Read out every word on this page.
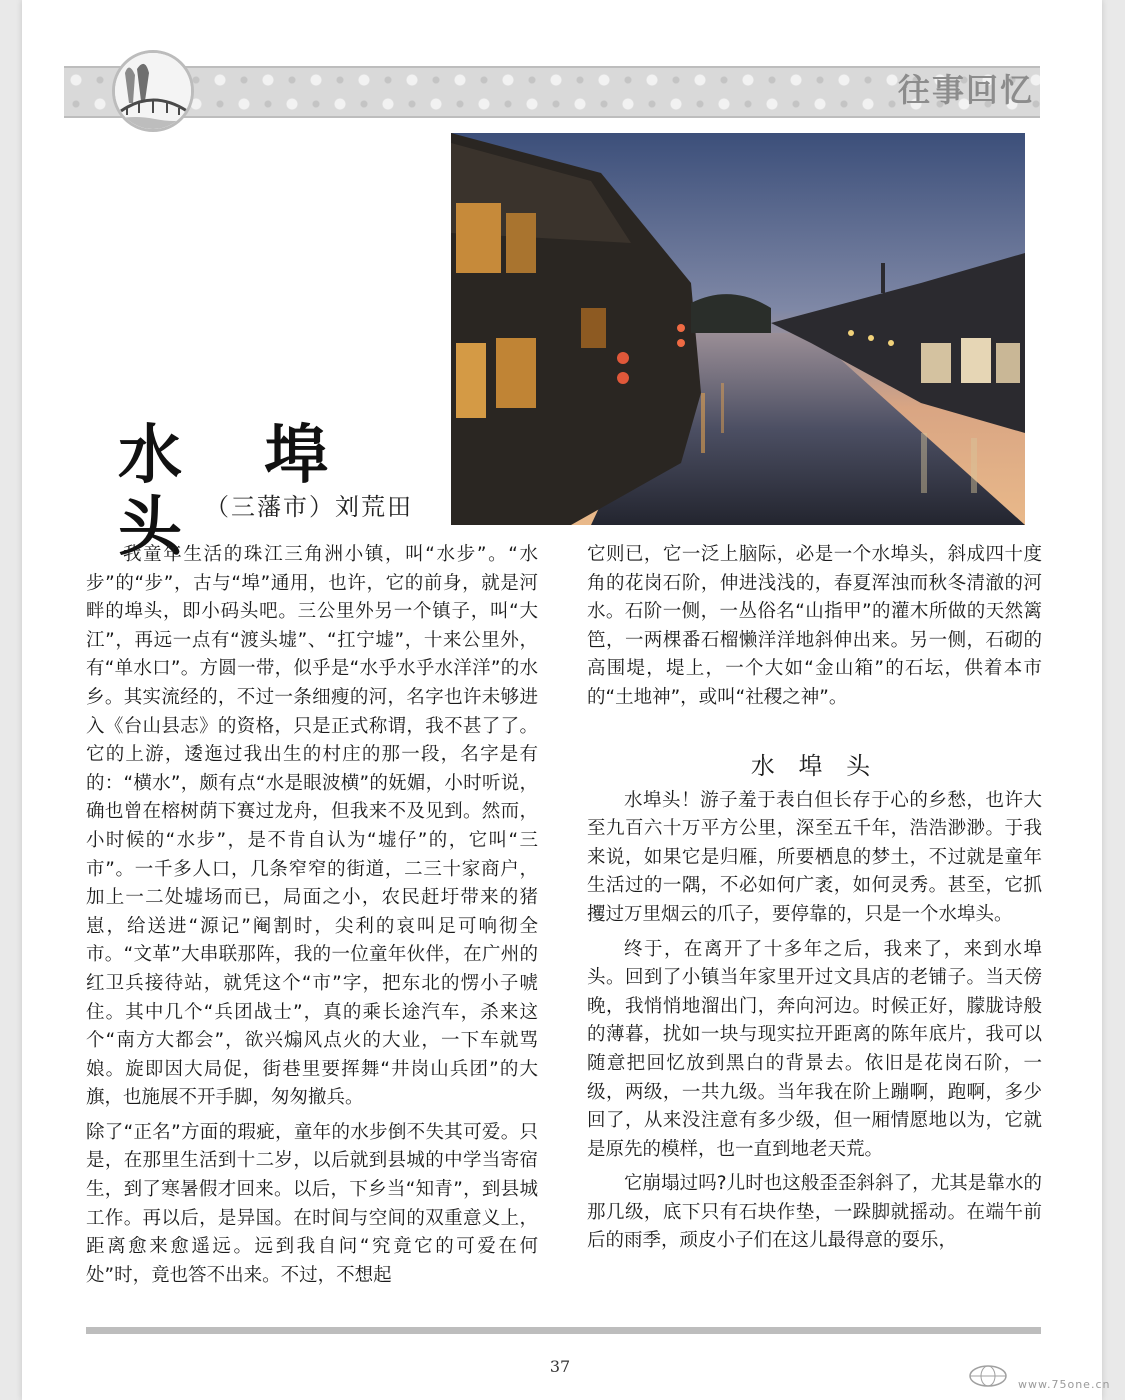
往事回忆
水 埠 头
（三藩市）刘荒田

我童年生活的珠江三角洲小镇，叫“水步”。“水步”的“步”，古与“埠”通用，也许，它的前身，就是河畔的埠头，即小码头吧。三公里外另一个镇子，叫“大江”，再远一点有“渡头墟”、“扛宁墟”，十来公里外，有“单水口”。方圆一带，似乎是“水乎水乎水洋洋”的水乡。其实流经的，不过一条细瘦的河，名字也许未够进入《台山县志》的资格，只是正式称谓，我不甚了了。它的上游，逶迤过我出生的村庄的那一段，名字是有的：“横水”，颇有点“水是眼波横”的妩媚，小时听说，确也曾在榕树荫下赛过龙舟，但我来不及见到。然而，小时候的“水步”，是不肯自认为“墟仔”的，它叫“三市”。一千多人口，几条窄窄的街道，二三十家商户，加上一二处墟场而已，局面之小，农民赶圩带来的猪崽，给送进“源记”阉割时，尖利的哀叫足可响彻全市。“文革”大串联那阵，我的一位童年伙伴，在广州的红卫兵接待站，就凭这个“市”字，把东北的愣小子唬住。其中几个“兵团战士”，真的乘长途汽车，杀来这个“南方大都会”，欲兴煽风点火的大业，一下车就骂娘。旋即因大局促，街巷里要挥舞“井岗山兵团”的大旗，也施展不开手脚，匆匆撤兵。

除了“正名”方面的瑕疵，童年的水步倒不失其可爱。只是，在那里生活到十二岁，以后就到县城的中学当寄宿生，到了寒暑假才回来。以后，下乡当“知青”，到县城工作。再以后，是异国。在时间与空间的双重意义上，距离愈来愈遥远。远到我自问“究竟它的可爱在何处”时，竟也答不出来。不过，不想起

它则已，它一泛上脑际，必是一个水埠头，斜成四十度角的花岗石阶，伸进浅浅的，春夏浑浊而秋冬清澈的河水。石阶一侧，一丛俗名“山指甲”的灌木所做的天然篱笆，一两棵番石榴懒洋洋地斜伸出来。另一侧，石砌的高围堤，堤上，一个大如“金山箱”的石坛，供着本市的“土地神”，或叫“社稷之神”。

水 埠 头

水埠头！游子羞于表白但长存于心的乡愁，也许大至九百六十万平方公里，深至五千年，浩浩渺渺。于我来说，如果它是归雁，所要栖息的梦土，不过就是童年生活过的一隅，不必如何广袤，如何灵秀。甚至，它抓攫过万里烟云的爪子，要停靠的，只是一个水埠头。

终于，在离开了十多年之后，我来了，来到水埠头。回到了小镇当年家里开过文具店的老铺子。当天傍晚，我悄悄地溜出门，奔向河边。时候正好，朦胧诗般的薄暮，扰如一块与现实拉开距离的陈年底片，我可以随意把回忆放到黑白的背景去。依旧是花岗石阶，一级，两级，一共九级。当年我在阶上蹦啊，跑啊，多少回了，从来没注意有多少级，但一厢情愿地以为，它就是原先的模样，也一直到地老天荒。

它崩塌过吗?儿时也这般歪歪斜斜了，尤其是靠水的那几级，底下只有石块作垫，一跺脚就摇动。在端午前后的雨季，顽皮小子们在这儿最得意的耍乐，

37
www.75one.cn
